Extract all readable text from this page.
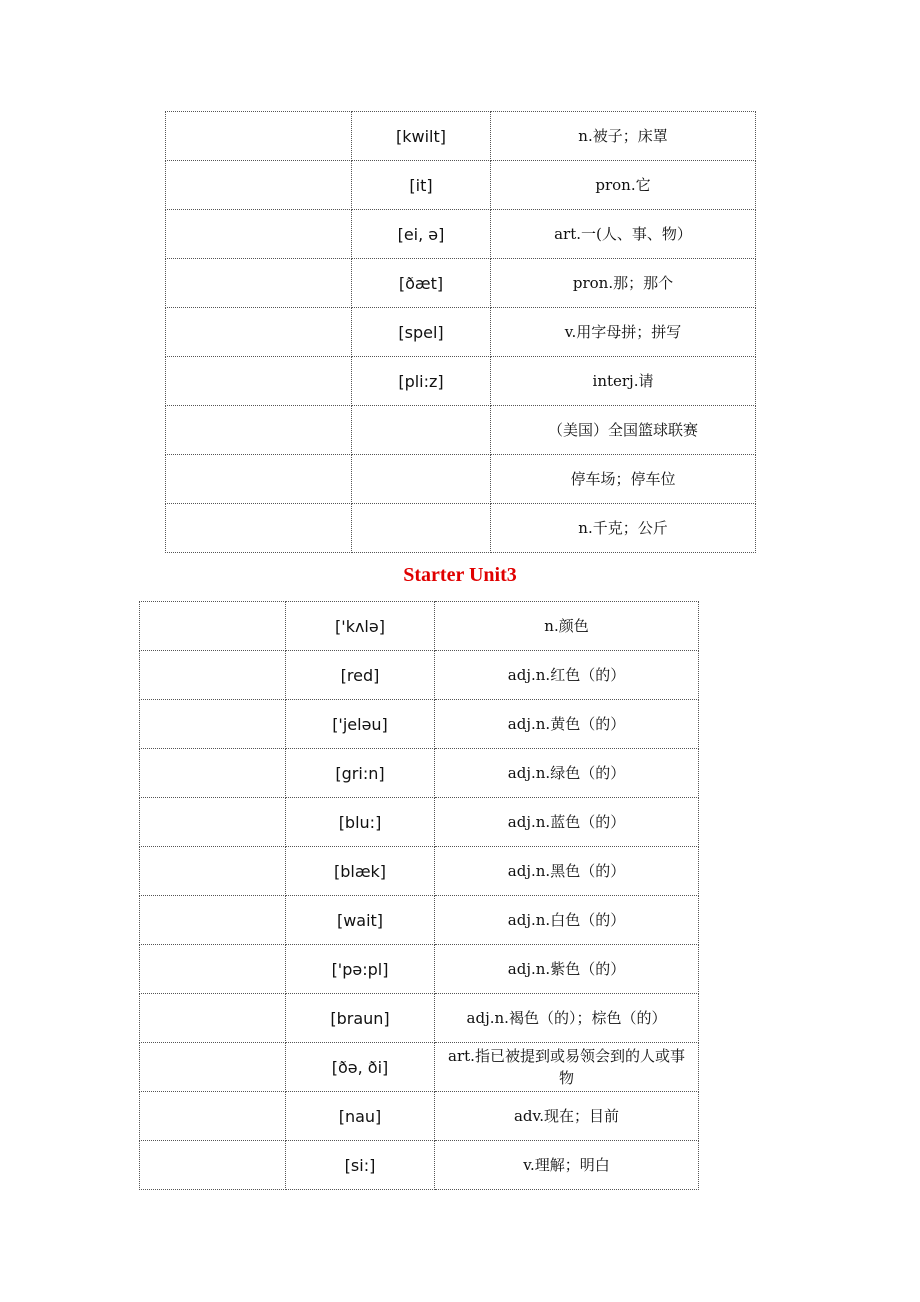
	[kwilt]	n.被子；床罩
	[it]	pron.它
	[ei, ə]	art.一(人、事、物）
	[ðæt]	pron.那；那个
	[spel]	v.用字母拼；拼写
	[pli:z]	interj.请
		（美国）全国篮球联赛
		停车场；停车位
		n.千克；公斤
Starter Unit3
	['kʌlə]	n.颜色
	[red]	adj.n.红色（的）
	['jeləu]	adj.n.黄色（的）
	[gri:n]	adj.n.绿色（的）
	[blu:]	adj.n.蓝色（的）
	[blæk]	adj.n.黑色（的）
	[wait]	adj.n.白色（的）
	['pə:pl]	adj.n.紫色（的）
	[braun]	adj.n.褐色（的）；棕色（的）
	[ðə, ði]	art.指已被提到或易领会到的人或事物
	[nau]	adv.现在；目前
	[si:]	v.理解；明白
